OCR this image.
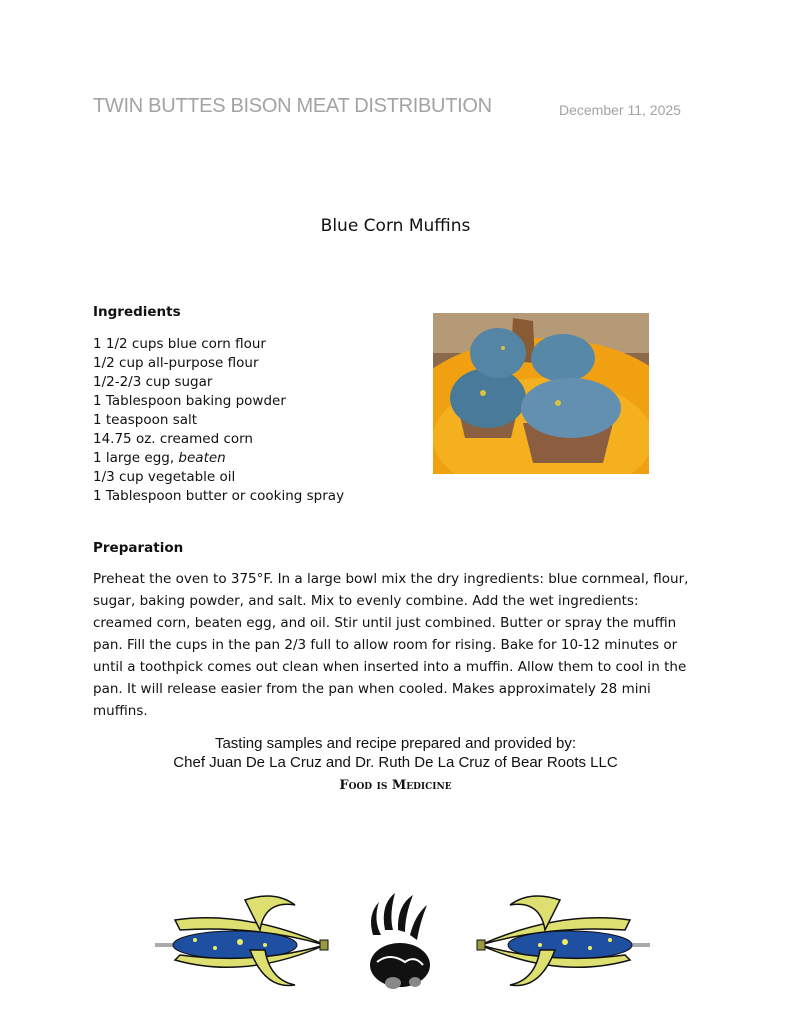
TWIN BUTTES BISON MEAT DISTRIBUTION	December 11, 2025
Blue Corn Muffins
Ingredients
1 1/2 cups blue corn flour
1/2 cup all-purpose flour
1/2-2/3 cup sugar
1 Tablespoon baking powder
1 teaspoon salt
14.75 oz. creamed corn
1 large egg, beaten
1/3 cup vegetable oil
1 Tablespoon butter or cooking spray
Preparation
Preheat the oven to 375°F. In a large bowl mix the dry ingredients: blue cornmeal, flour, sugar, baking powder, and salt. Mix to evenly combine. Add the wet ingredients: creamed corn, beaten egg, and oil. Stir until just combined. Butter or spray the muffin pan. Fill the cups in the pan 2/3 full to allow room for rising. Bake for 10-12 minutes or until a toothpick comes out clean when inserted into a muffin. Allow them to cool in the pan. It will release easier from the pan when cooled. Makes approximately 28 mini muffins.
Tasting samples and recipe prepared and provided by:
Chef Juan De La Cruz and Dr. Ruth De La Cruz of Bear Roots LLC
Food is Medicine
